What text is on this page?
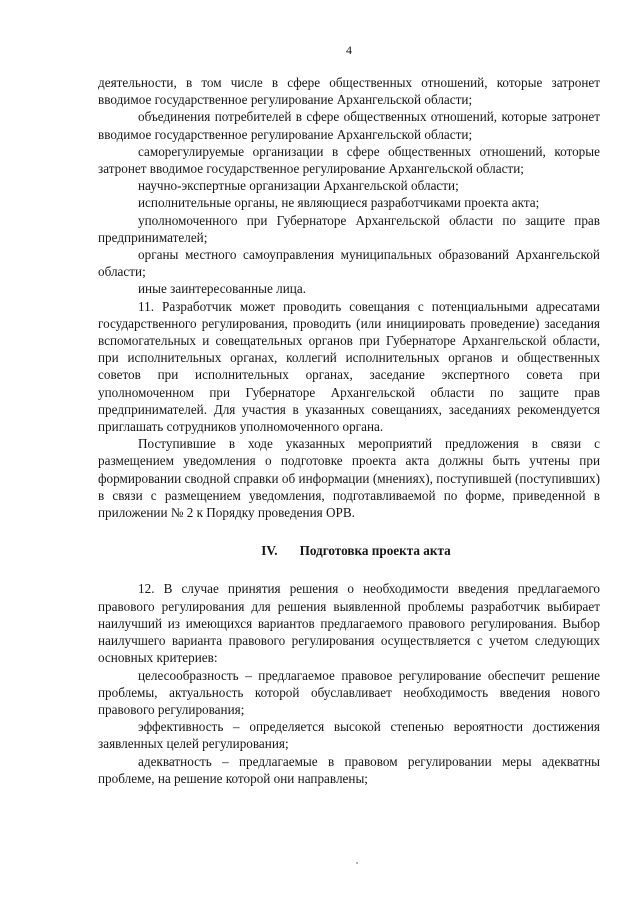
4

деятельности, в том числе в сфере общественных отношений, которые затронет вводимое государственное регулирование Архангельской области;

объединения потребителей в сфере общественных отношений, которые затронет вводимое государственное регулирование Архангельской области;

саморегулируемые организации в сфере общественных отношений, которые затронет вводимое государственное регулирование Архангельской области;

научно-экспертные организации Архангельской области;

исполнительные органы, не являющиеся разработчиками проекта акта;

уполномоченного при Губернаторе Архангельской области по защите прав предпринимателей;

органы местного самоуправления муниципальных образований Архангельской области;

иные заинтересованные лица.

11. Разработчик может проводить совещания с потенциальными адресатами государственного регулирования, проводить (или инициировать проведение) заседания вспомогательных и совещательных органов при Губернаторе Архангельской области, при исполнительных органах, коллегий исполнительных органов и общественных советов при исполнительных органах, заседание экспертного совета при уполномоченном при Губернаторе Архангельской области по защите прав предпринимателей. Для участия в указанных совещаниях, заседаниях рекомендуется приглашать сотрудников уполномоченного органа.

Поступившие в ходе указанных мероприятий предложения в связи с размещением уведомления о подготовке проекта акта должны быть учтены при формировании сводной справки об информации (мнениях), поступившей (поступивших) в связи с размещением уведомления, подготавливаемой по форме, приведенной в приложении № 2 к Порядку проведения ОРВ.

IV. Подготовка проекта акта

12. В случае принятия решения о необходимости введения предлагаемого правового регулирования для решения выявленной проблемы разработчик выбирает наилучший из имеющихся вариантов предлагаемого правового регулирования. Выбор наилучшего варианта правового регулирования осуществляется с учетом следующих основных критериев:

целесообразность – предлагаемое правовое регулирование обеспечит решение проблемы, актуальность которой обуславливает необходимость введения нового правового регулирования;

эффективность – определяется высокой степенью вероятности достижения заявленных целей регулирования;

адекватность – предлагаемые в правовом регулировании меры адекватны проблеме, на решение которой они направлены;
